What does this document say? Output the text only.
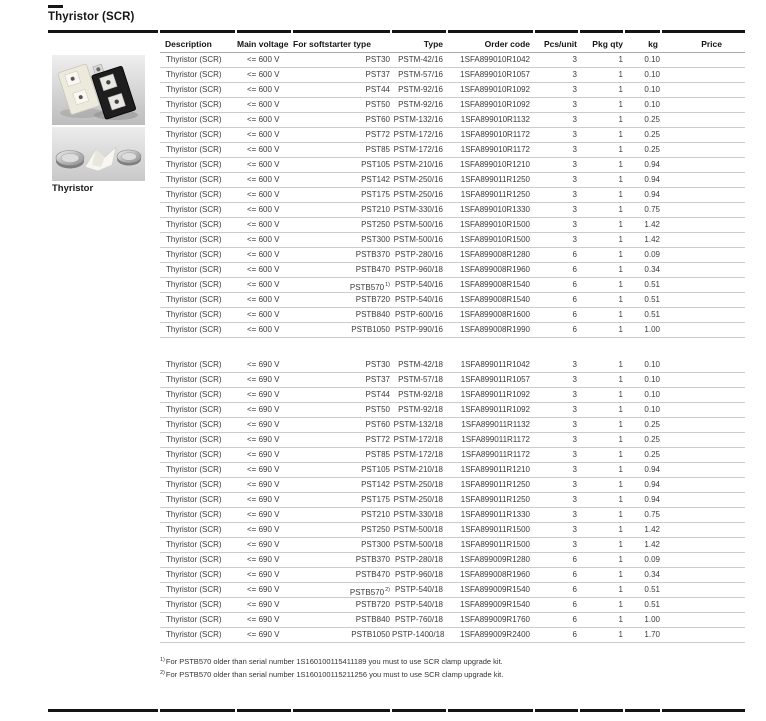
Thyristor (SCR)
Thyristor
Description	Main voltage For softstarter type	Type	Order code	Pcs/unit	Pkg qty	kg	Price
Thyristor (SCR)	<= 600 V	PST30	PSTM-42/16	1SFA899010R1042	3	1	0.10
Thyristor (SCR)	<= 600 V	PST37	PSTM-57/16	1SFA899010R1057	3	1	0.10
Thyristor (SCR)	<= 600 V	PST44	PSTM-92/16	1SFA899010R1092	3	1	0.10
Thyristor (SCR)	<= 600 V	PST50	PSTM-92/16	1SFA899010R1092	3	1	0.10
Thyristor (SCR)	<= 600 V	PST60 PSTM-132/16	1SFA899010R1132	3	1	0.25
Thyristor (SCR)	<= 600 V	PST72 PSTM-172/16	1SFA899010R1172	3	1	0.25
Thyristor (SCR)	<= 600 V	PST85 PSTM-172/16	1SFA899010R1172	3	1	0.25
Thyristor (SCR)	<= 600 V	PST105 PSTM-210/16	1SFA899010R1210	3	1	0.94
Thyristor (SCR)	<= 600 V	PST142 PSTM-250/16	1SFA899011R1250	3	1	0.94
Thyristor (SCR)	<= 600 V	PST175 PSTM-250/16	1SFA899011R1250	3	1	0.94
Thyristor (SCR)	<= 600 V	PST210 PSTM-330/16	1SFA899010R1330	3	1	0.75
Thyristor (SCR)	<= 600 V	PST250 PSTM-500/16	1SFA899010R1500	3	1	1.42
Thyristor (SCR)	<= 600 V	PST300 PSTM-500/16	1SFA899010R1500	3	1	1.42
Thyristor (SCR)	<= 600 V	PSTB370 PSTP-280/16	1SFA899008R1280	6	1	0.09
Thyristor (SCR)	<= 600 V	PSTB470 PSTP-960/18	1SFA899008R1960	6	1	0.34
Thyristor (SCR)	<= 600 V	PSTB570$^{1)}$ PSTP-540/16	1SFA899008R1540	6	1	0.51
Thyristor (SCR)	<= 600 V	PSTB720 PSTP-540/16	1SFA899008R1540	6	1	0.51
Thyristor (SCR)	<= 600 V	PSTB840 PSTP-600/16	1SFA899008R1600	6	1	0.51
Thyristor (SCR)	<= 600 V	PSTB1050 PSTP-990/16	1SFA899008R1990	6	1	1.00
Thyristor (SCR)	<= 690 V	PST30	PSTM-42/18	1SFA899011R1042	3	1	0.10
Thyristor (SCR)	<= 690 V	PST37	PSTM-57/18	1SFA899011R1057	3	1	0.10
Thyristor (SCR)	<= 690 V	PST44	PSTM-92/18	1SFA899011R1092	3	1	0.10
Thyristor (SCR)	<= 690 V	PST50	PSTM-92/18	1SFA899011R1092	3	1	0.10
Thyristor (SCR)	<= 690 V	PST60 PSTM-132/18	1SFA899011R1132	3	1	0.25
Thyristor (SCR)	<= 690 V	PST72 PSTM-172/18	1SFA899011R1172	3	1	0.25
Thyristor (SCR)	<= 690 V	PST85 PSTM-172/18	1SFA899011R1172	3	1	0.25
Thyristor (SCR)	<= 690 V	PST105 PSTM-210/18	1SFA899011R1210	3	1	0.94
Thyristor (SCR)	<= 690 V	PST142 PSTM-250/18	1SFA899011R1250	3	1	0.94
Thyristor (SCR)	<= 690 V	PST175 PSTM-250/18	1SFA899011R1250	3	1	0.94
Thyristor (SCR)	<= 690 V	PST210 PSTM-330/18	1SFA899011R1330	3	1	0.75
Thyristor (SCR)	<= 690 V	PST250 PSTM-500/18	1SFA899011R1500	3	1	1.42
Thyristor (SCR)	<= 690 V	PST300 PSTM-500/18	1SFA899011R1500	3	1	1.42
Thyristor (SCR)	<= 690 V	PSTB370 PSTP-280/18	1SFA899009R1280	6	1	0.09
Thyristor (SCR)	<= 690 V	PSTB470 PSTP-960/18	1SFA899008R1960	6	1	0.34
Thyristor (SCR)	<= 690 V	PSTB570$^{2)}$ PSTP-540/18	1SFA899009R1540	6	1	0.51
Thyristor (SCR)	<= 690 V	PSTB720 PSTP-540/18	1SFA899009R1540	6	1	0.51
Thyristor (SCR)	<= 690 V	PSTB840 PSTP-760/18	1SFA899009R1760	6	1	1.00
Thyristor (SCR)	<= 690 V	PSTB1050 PSTP-1400/18	1SFA899009R2400	6	1	1.70
$^{1)}$For PSTB570 older than serial number 1S160100115411189 you must to use SCR clamp upgrade kit.
$^{2)}$For PSTB570 older than serial number 1S160100115211256 you must to use SCR clamp upgrade kit.
